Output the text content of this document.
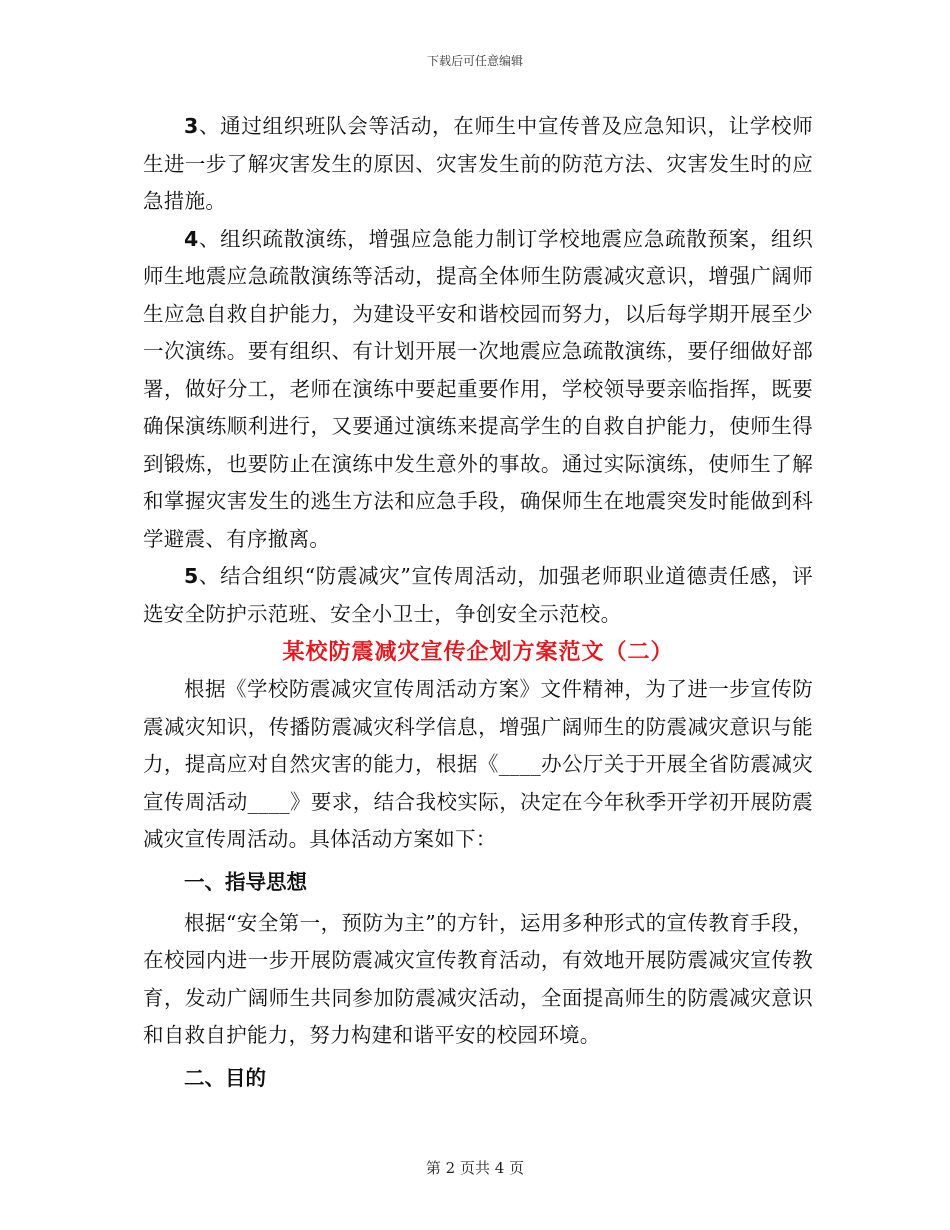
下载后可任意编辑

3、通过组织班队会等活动，在师生中宣传普及应急知识，让学校师生进一步了解灾害发生的原因、灾害发生前的防范方法、灾害发生时的应急措施。

4、组织疏散演练，增强应急能力制订学校地震应急疏散预案，组织师生地震应急疏散演练等活动，提高全体师生防震减灾意识，增强广阔师生应急自救自护能力，为建设平安和谐校园而努力，以后每学期开展至少一次演练。要有组织、有计划开展一次地震应急疏散演练，要仔细做好部署，做好分工，老师在演练中要起重要作用，学校领导要亲临指挥，既要确保演练顺利进行，又要通过演练来提高学生的自救自护能力，使师生得到锻炼，也要防止在演练中发生意外的事故。通过实际演练，使师生了解和掌握灾害发生的逃生方法和应急手段，确保师生在地震突发时能做到科学避震、有序撤离。

5、结合组织“防震减灾”宣传周活动，加强老师职业道德责任感，评选安全防护示范班、安全小卫士，争创安全示范校。

某校防震减灾宣传企划方案范文（二）

根据《学校防震减灾宣传周活动方案》文件精神，为了进一步宣传防震减灾知识，传播防震减灾科学信息，增强广阔师生的防震减灾意识与能力，提高应对自然灾害的能力，根据《____办公厅关于开展全省防震减灾宣传周活动____》要求，结合我校实际，决定在今年秋季开学初开展防震减灾宣传周活动。具体活动方案如下：

一、指导思想

根据“安全第一，预防为主”的方针，运用多种形式的宣传教育手段，在校园内进一步开展防震减灾宣传教育活动，有效地开展防震减灾宣传教育，发动广阔师生共同参加防震减灾活动，全面提高师生的防震减灾意识和自救自护能力，努力构建和谐平安的校园环境。

二、目的

第 2 页共 4 页
